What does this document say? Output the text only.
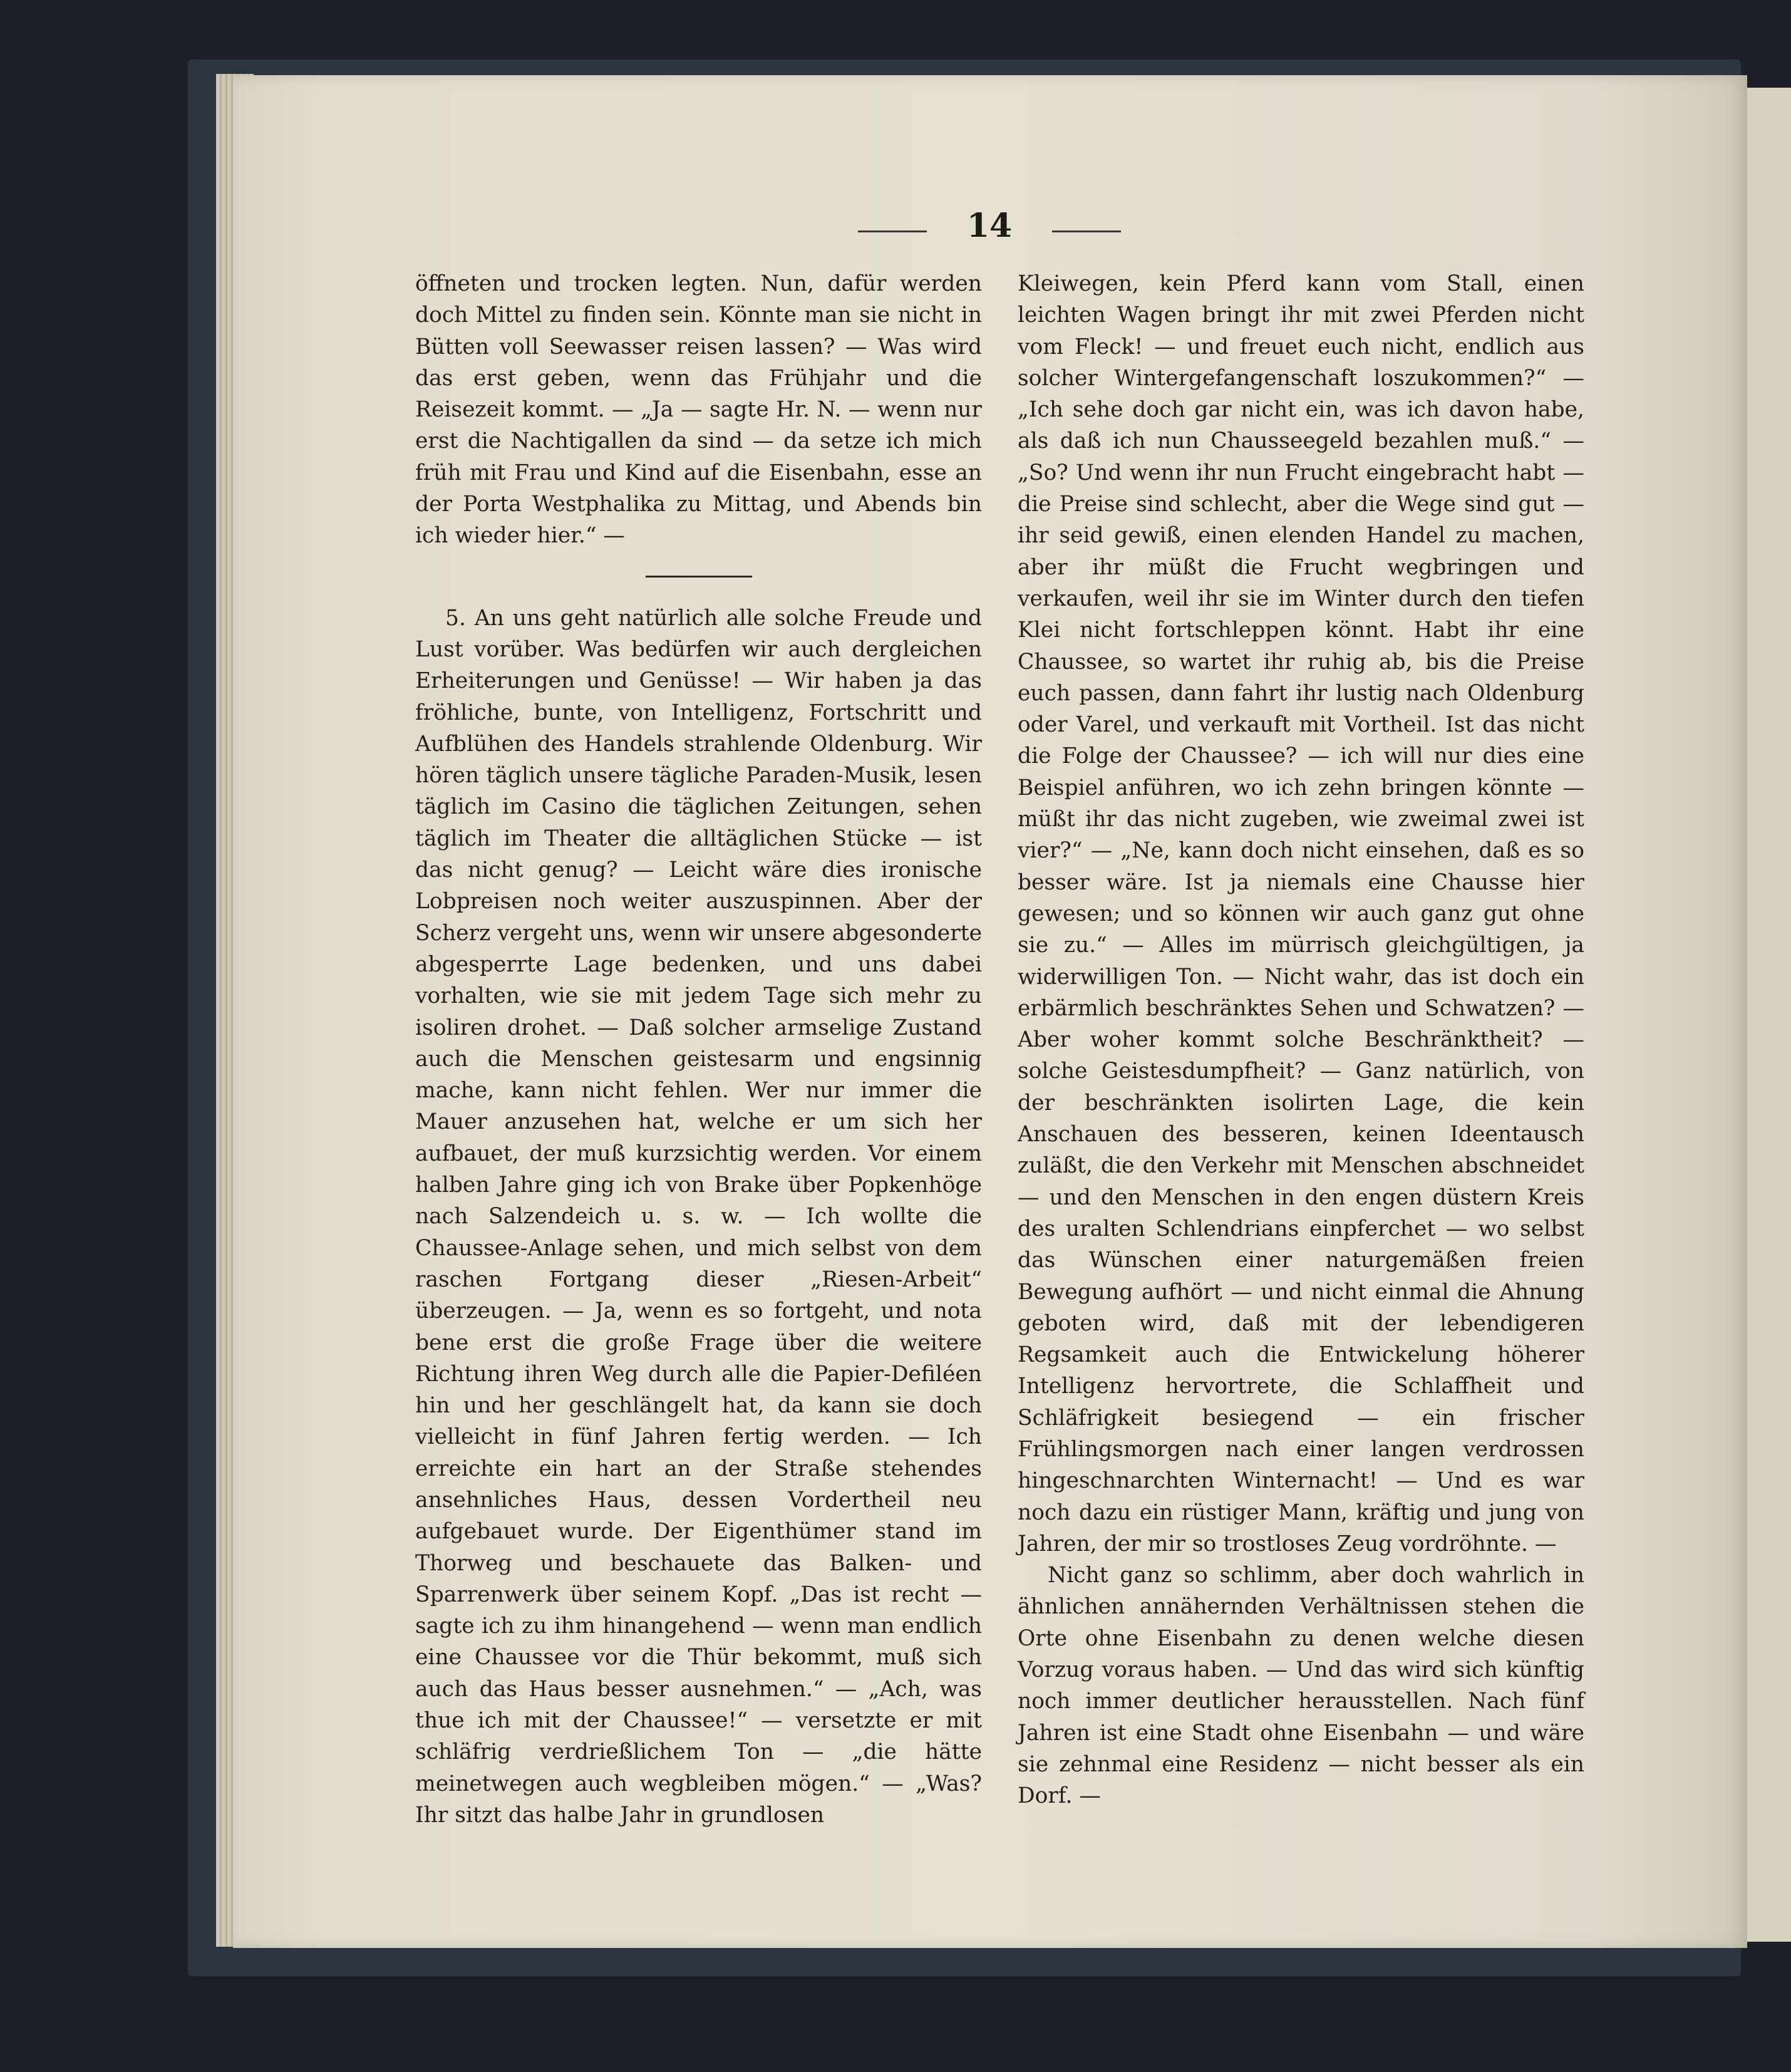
14

öffneten und trocken legten. Nun, dafür werden doch Mittel zu finden sein. Könnte man sie nicht in Bütten voll Seewasser reisen lassen? — Was wird das erst geben, wenn das Frühjahr und die Reisezeit kommt. — „Ja — sagte Hr. N. — wenn nur erst die Nachtigallen da sind — da setze ich mich früh mit Frau und Kind auf die Eisenbahn, esse an der Porta Westphalika zu Mittag, und Abends bin ich wieder hier.“ —

5. An uns geht natürlich alle solche Freude und Lust vorüber. Was bedürfen wir auch dergleichen Erheiterungen und Genüsse! — Wir haben ja das fröhliche, bunte, von Intelligenz, Fortschritt und Aufblühen des Handels strahlende Oldenburg. Wir hören täglich unsere tägliche Paraden-Musik, lesen täglich im Casino die täglichen Zeitungen, sehen täglich im Theater die alltäglichen Stücke — ist das nicht genug? — Leicht wäre dies ironische Lobpreisen noch weiter auszuspinnen. Aber der Scherz vergeht uns, wenn wir unsere abgesonderte abgesperrte Lage bedenken, und uns dabei vorhalten, wie sie mit jedem Tage sich mehr zu isoliren drohet. — Daß solcher armselige Zustand auch die Menschen geistesarm und engsinnig mache, kann nicht fehlen. Wer nur immer die Mauer anzusehen hat, welche er um sich her aufbauet, der muß kurzsichtig werden. Vor einem halben Jahre ging ich von Brake über Popkenhöge nach Salzendeich u. s. w. — Ich wollte die Chaussee-Anlage sehen, und mich selbst von dem raschen Fortgang dieser „Riesen-Arbeit“ überzeugen. — Ja, wenn es so fortgeht, und nota bene erst die große Frage über die weitere Richtung ihren Weg durch alle die Papier-Defiléen hin und her geschlängelt hat, da kann sie doch vielleicht in fünf Jahren fertig werden. — Ich erreichte ein hart an der Straße stehendes ansehnliches Haus, dessen Vordertheil neu aufgebauet wurde. Der Eigenthümer stand im Thorweg und beschauete das Balken- und Sparrenwerk über seinem Kopf. „Das ist recht — sagte ich zu ihm hinangehend — wenn man endlich eine Chaussee vor die Thür bekommt, muß sich auch das Haus besser ausnehmen.“ — „Ach, was thue ich mit der Chaussee!“ — versetzte er mit schläfrig verdrießlichem Ton — „die hätte meinetwegen auch wegbleiben mögen.“ — „Was? Ihr sitzt das halbe Jahr in grundlosen

Kleiwegen, kein Pferd kann vom Stall, einen leichten Wagen bringt ihr mit zwei Pferden nicht vom Fleck! — und freuet euch nicht, endlich aus solcher Wintergefangenschaft loszukommen?“ — „Ich sehe doch gar nicht ein, was ich davon habe, als daß ich nun Chausseegeld bezahlen muß.“ — „So? Und wenn ihr nun Frucht eingebracht habt — die Preise sind schlecht, aber die Wege sind gut — ihr seid gewiß, einen elenden Handel zu machen, aber ihr müßt die Frucht wegbringen und verkaufen, weil ihr sie im Winter durch den tiefen Klei nicht fortschleppen könnt. Habt ihr eine Chaussee, so wartet ihr ruhig ab, bis die Preise euch passen, dann fahrt ihr lustig nach Oldenburg oder Varel, und verkauft mit Vortheil. Ist das nicht die Folge der Chaussee? — ich will nur dies eine Beispiel anführen, wo ich zehn bringen könnte — müßt ihr das nicht zugeben, wie zweimal zwei ist vier?“ — „Ne, kann doch nicht einsehen, daß es so besser wäre. Ist ja niemals eine Chausse hier gewesen; und so können wir auch ganz gut ohne sie zu.“ — Alles im mürrisch gleichgültigen, ja widerwilligen Ton. — Nicht wahr, das ist doch ein erbärmlich beschränktes Sehen und Schwatzen? — Aber woher kommt solche Beschränktheit? — solche Geistesdumpfheit? — Ganz natürlich, von der beschränkten isolirten Lage, die kein Anschauen des besseren, keinen Ideentausch zuläßt, die den Verkehr mit Menschen abschneidet — und den Menschen in den engen düstern Kreis des uralten Schlendrians einpferchet — wo selbst das Wünschen einer naturgemäßen freien Bewegung aufhört — und nicht einmal die Ahnung geboten wird, daß mit der lebendigeren Regsamkeit auch die Entwickelung höherer Intelligenz hervortrete, die Schlaffheit und Schläfrigkeit besiegend — ein frischer Frühlingsmorgen nach einer langen verdrossen hingeschnarchten Winternacht! — Und es war noch dazu ein rüstiger Mann, kräftig und jung von Jahren, der mir so trostloses Zeug vordröhnte. —

Nicht ganz so schlimm, aber doch wahrlich in ähnlichen annähernden Verhältnissen stehen die Orte ohne Eisenbahn zu denen welche diesen Vorzug voraus haben. — Und das wird sich künftig noch immer deutlicher herausstellen. Nach fünf Jahren ist eine Stadt ohne Eisenbahn — und wäre sie zehnmal eine Residenz — nicht besser als ein Dorf. —
